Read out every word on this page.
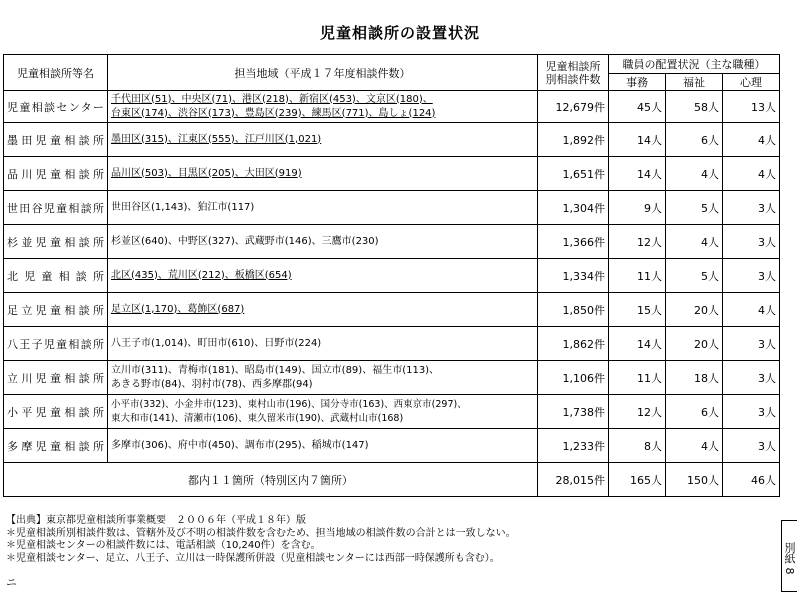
児童相談所の設置状況
児童相談所等名	担当地域（平成１７年度相談件数）	児童相談所
別相談件数	職員の配置状況（主な職種）		
			事務	福祉	心理
児童相談センター	千代田区(51)、中央区(71)、港区(218)、新宿区(453)、文京区(180)、
台東区(174)、渋谷区(173)、豊島区(239)、練馬区(771)、島しょ(124)	12,679件	45人	58人	13人
墨田児童相談所	墨田区(315)、江東区(555)、江戸川区(1,021)	1,892件	14人	6人	4人
品川児童相談所	品川区(503)、目黒区(205)、大田区(919)	1,651件	14人	4人	4人
世田谷児童相談所	世田谷区(1,143)、狛江市(117)	1,304件	9人	5人	3人
杉並児童相談所	杉並区(640)、中野区(327)、武蔵野市(146)、三鷹市(230)	1,366件	12人	4人	3人
北児童相談所	北区(435)、荒川区(212)、板橋区(654)	1,334件	11人	5人	3人
足立児童相談所	足立区(1,170)、葛飾区(687)	1,850件	15人	20人	4人
八王子児童相談所	八王子市(1,014)、町田市(610)、日野市(224)	1,862件	14人	20人	3人
立川児童相談所	立川市(311)、青梅市(181)、昭島市(149)、国立市(89)、福生市(113)、
あきる野市(84)、羽村市(78)、西多摩郡(94)	1,106件	11人	18人	3人
小平児童相談所	小平市(332)、小金井市(123)、東村山市(196)、国分寺市(163)、西東京市(297)、
東大和市(141)、清瀬市(106)、東久留米市(190)、武蔵村山市(168)	1,738件	12人	6人	3人
多摩児童相談所	多摩市(306)、府中市(450)、調布市(295)、稲城市(147)	1,233件	8人	4人	3人
都内１１箇所（特別区内７箇所）		28,015件	165人	150人	46人
【出典】東京都児童相談所事業概要　２００６年（平成１８年）版
＊児童相談所別相談件数は、管轄外及び不明の相談件数を含むため、担当地域の相談件数の合計とは一致しない。
＊児童相談センターの相談件数には、電話相談（10,240件）を含む。
＊児童相談センター、足立、八王子、立川は一時保護所併設（児童相談センターには西部一時保護所も含む）。
ニ
別紙 8
